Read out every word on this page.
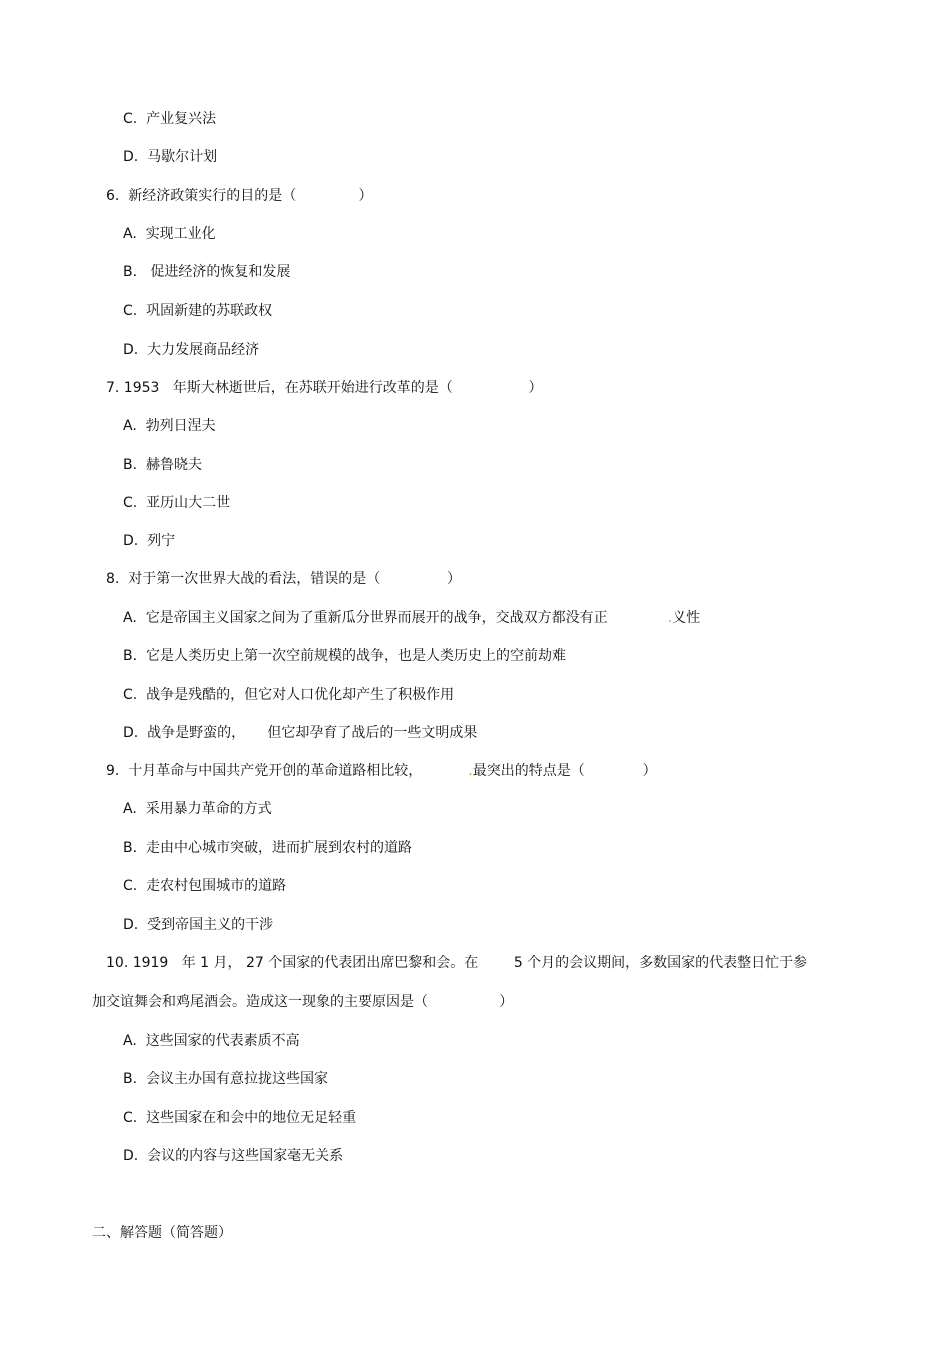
C. 产业复兴法
D. 马歇尔计划
6.  新经济政策实行的目的是（              ）
A. 实现工业化
B.   促进经济的恢复和发展
C. 巩固新建的苏联政权
D. 大力发展商品经济
7. 1953   年斯大林逝世后，在苏联开始进行改革的是（                 ）
A. 勃列日涅夫
B. 赫鲁晓夫
C. 亚历山大二世
D. 列宁
8.  对于第一次世界大战的看法，错误的是（               ）
A. 它是帝国主义国家之间为了重新瓜分世界而展开的战争，交战双方都没有正	.义性
B. 它是人类历史上第一次空前规模的战争，也是人类历史上的空前劫难
C. 战争是残酷的，但它对人口优化却产生了积极作用
D. 战争是野蛮的，     但它却孕育了战后的一些文明成果
9.  十月革命与中国共产党开创的革命道路相比较，	.最突出的特点是（             ）
A. 采用暴力革命的方式
B. 走由中心城市突破，进而扩展到农村的道路
C. 走农村包围城市的道路
D. 受到帝国主义的干涉
10. 1919   年 1 月， 27 个国家的代表团出席巴黎和会。在        5 个月的会议期间，多数国家的代表整日忙于参
加交谊舞会和鸡尾酒会。造成这一现象的主要原因是（                ）
A. 这些国家的代表素质不高
B. 会议主办国有意拉拢这些国家
C. 这些国家在和会中的地位无足轻重
D. 会议的内容与这些国家毫无关系
二、解答题（简答题）
